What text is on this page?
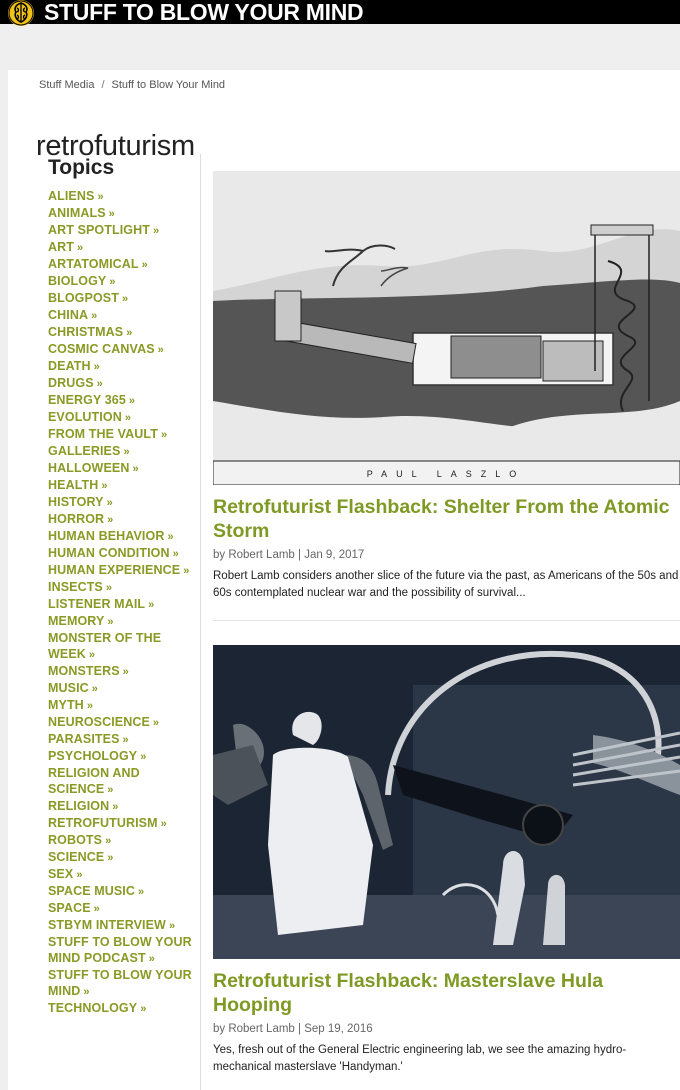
STUFF TO BLOW YOUR MIND
Stuff Media / Stuff to Blow Your Mind
retrofuturism
Topics
ALIENS »
ANIMALS »
ART SPOTLIGHT »
ART »
ARTATOMICAL »
BIOLOGY »
BLOGPOST »
CHINA »
CHRISTMAS »
COSMIC CANVAS »
DEATH »
DRUGS »
ENERGY 365 »
EVOLUTION »
FROM THE VAULT »
GALLERIES »
HALLOWEEN »
HEALTH »
HISTORY »
HORROR »
HUMAN BEHAVIOR »
HUMAN CONDITION »
HUMAN EXPERIENCE »
INSECTS »
LISTENER MAIL »
MEMORY »
MONSTER OF THE WEEK »
MONSTERS »
MUSIC »
MYTH »
NEUROSCIENCE »
PARASITES »
PSYCHOLOGY »
RELIGION AND SCIENCE »
RELIGION »
RETROFUTURISM »
ROBOTS »
SCIENCE »
SEX »
SPACE MUSIC »
SPACE »
STBYM INTERVIEW »
STUFF TO BLOW YOUR MIND PODCAST »
STUFF TO BLOW YOUR MIND »
TECHNOLOGY »
PAUL LASZLO
Retrofuturist Flashback: Shelter From the Atomic Storm
by Robert Lamb | Jan 9, 2017
Robert Lamb considers another slice of the future via the past, as Americans of the 50s and 60s contemplated nuclear war and the possibility of survival...
Retrofuturist Flashback: Masterslave Hula Hooping
by Robert Lamb | Sep 19, 2016
Yes, fresh out of the General Electric engineering lab, we see the amazing hydro-mechanical masterslave 'Handyman.'
